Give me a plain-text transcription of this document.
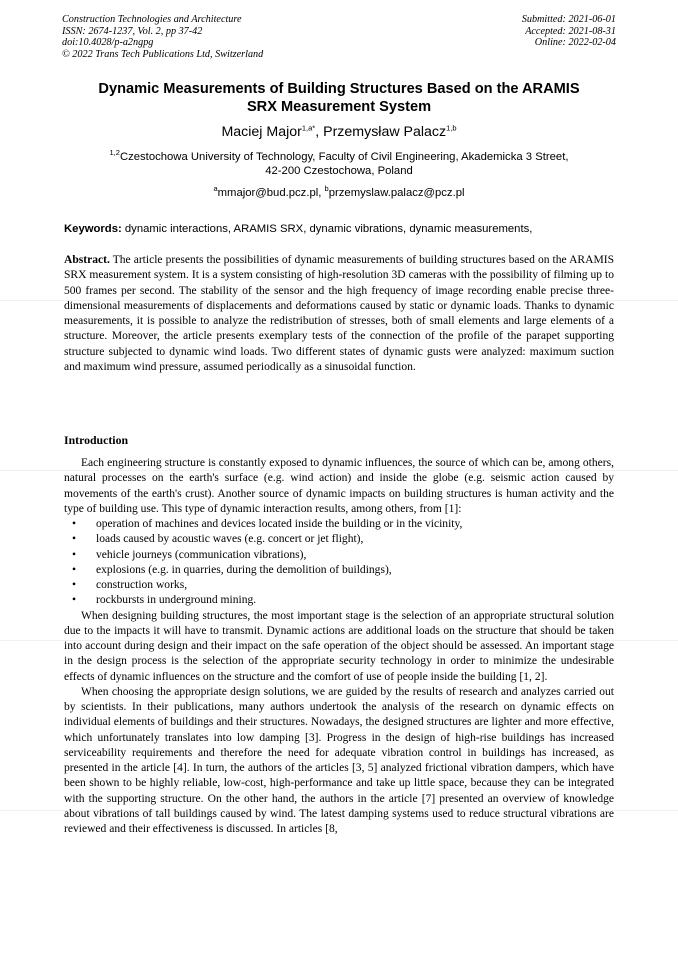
Construction Technologies and Architecture
ISSN: 2674-1237, Vol. 2, pp 37-42
doi:10.4028/p-a2ngpg
© 2022 Trans Tech Publications Ltd, Switzerland
Submitted: 2021-06-01
Accepted: 2021-08-31
Online: 2022-02-04
Dynamic Measurements of Building Structures Based on the ARAMIS
SRX Measurement System
Maciej Major$^{1,a*}$, Przemysław Palacz$^{1,b}$
$^{1,2}$Czestochowa University of Technology, Faculty of Civil Engineering, Akademicka 3 Street,
42-200 Czestochowa, Poland
$^a$mmajor@bud.pcz.pl, $^b$przemyslaw.palacz@pcz.pl
Keywords: dynamic interactions, ARAMIS SRX, dynamic vibrations, dynamic measurements,

Abstract. The article presents the possibilities of dynamic measurements of building structures based on the ARAMIS SRX measurement system. It is a system consisting of high-resolution 3D cameras with the possibility of filming up to 500 frames per second. The stability of the sensor and the high frequency of image recording enable precise three-dimensional measurements of displacements and deformations caused by static or dynamic loads. Thanks to dynamic measurements, it is possible to analyze the redistribution of stresses, both of small elements and large elements of a structure. Moreover, the article presents exemplary tests of the connection of the profile of the parapet supporting structure subjected to dynamic wind loads. Two different states of dynamic gusts were analyzed: maximum suction and maximum wind pressure, assumed periodically as a sinusoidal function.

Introduction

Each engineering structure is constantly exposed to dynamic influences, the source of which can be, among others, natural processes on the earth's surface (e.g. wind action) and inside the globe (e.g. seismic action caused by movements of the earth's crust). Another source of dynamic impacts on building structures is human activity and the type of building use. This type of dynamic interaction results, among others, from [1]:

• operation of machines and devices located inside the building or in the vicinity,
• loads caused by acoustic waves (e.g. concert or jet flight),
• vehicle journeys (communication vibrations),
• explosions (e.g. in quarries, during the demolition of buildings),
• construction works,
• rockbursts in underground mining.

When designing building structures, the most important stage is the selection of an appropriate structural solution due to the impacts it will have to transmit. Dynamic actions are additional loads on the structure that should be taken into account during design and their impact on the safe operation of the object should be assessed. An important stage in the design process is the selection of the appropriate security technology in order to minimize the undesirable effects of dynamic influences on the structure and the comfort of use of people inside the building [1, 2].

When choosing the appropriate design solutions, we are guided by the results of research and analyzes carried out by scientists. In their publications, many authors undertook the analysis of the research on dynamic effects on individual elements of buildings and their structures. Nowadays, the designed structures are lighter and more effective, which unfortunately translates into low damping [3]. Progress in the design of high-rise buildings has increased serviceability requirements and therefore the need for adequate vibration control in buildings has increased, as presented in the article [4]. In turn, the authors of the articles [3, 5] analyzed frictional vibration dampers, which have been shown to be highly reliable, low-cost, high-performance and take up little space, because they can be integrated with the supporting structure. On the other hand, the authors in the article [7] presented an overview of knowledge about vibrations of tall buildings caused by wind. The latest damping systems used to reduce structural vibrations are reviewed and their effectiveness is discussed. In articles [8,
